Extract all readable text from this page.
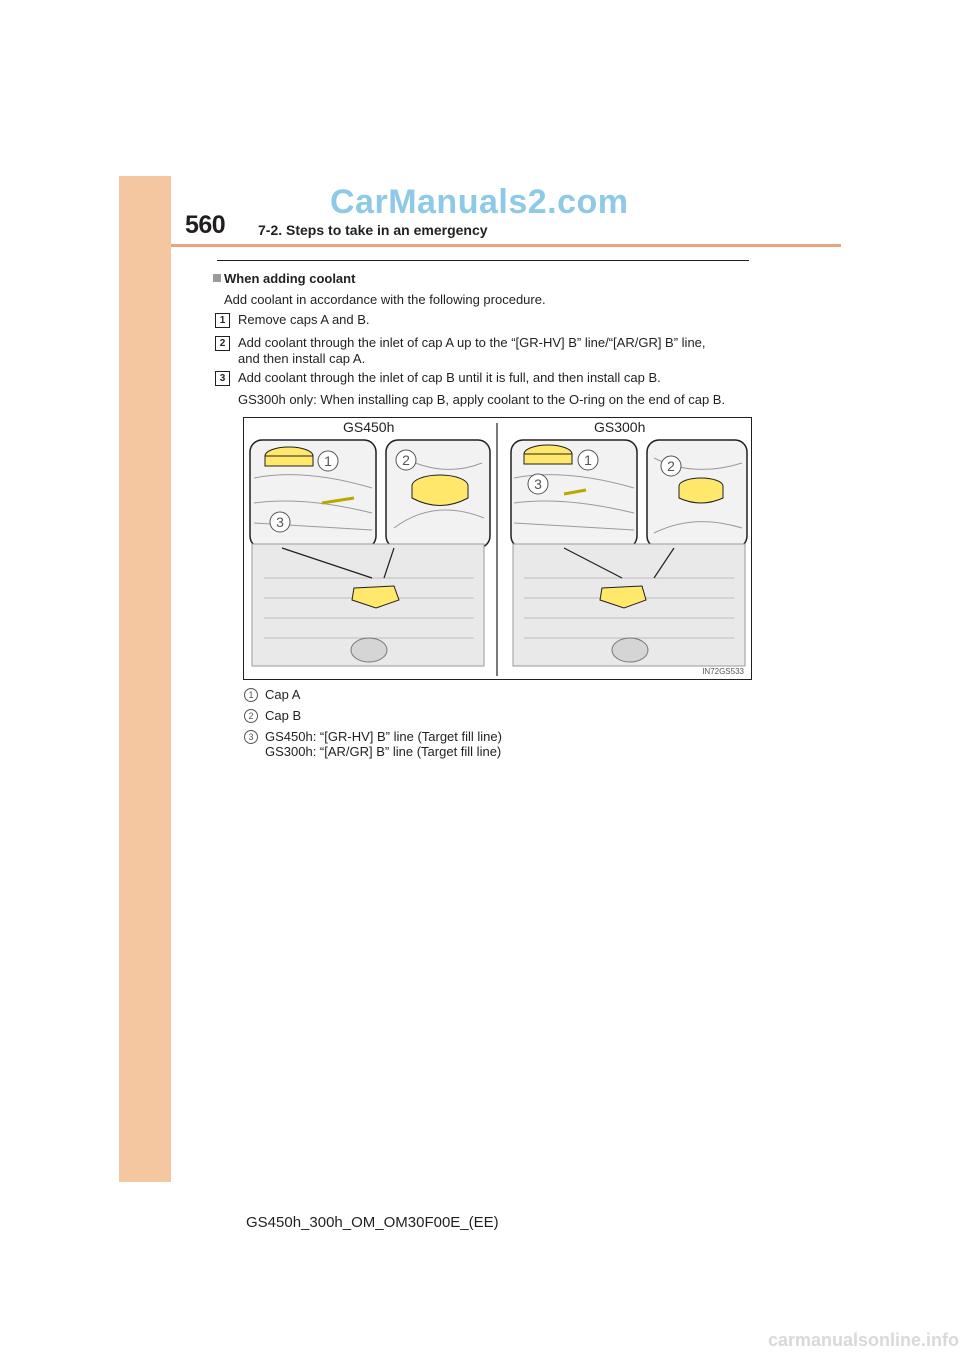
560
CarManuals2.com
7-2. Steps to take in an emergency
When adding coolant
Add coolant in accordance with the following procedure.
1 Remove caps A and B.
2 Add coolant through the inlet of cap A up to the “[GR-HV] B” line/“[AR/GR] B” line,
and then install cap A.
3 Add coolant through the inlet of cap B until it is full, and then install cap B.
GS300h only: When installing cap B, apply coolant to the O-ring on the end of cap B.
GS450h	GS300h
1	2
3
1	2
3
IN72GS533
1 Cap A
2 Cap B
3 GS450h: “[GR-HV] B” line (Target fill line)
GS300h: “[AR/GR] B” line (Target fill line)
GS450h_300h_OM_OM30F00E_(EE)
carmanualsonline.info
